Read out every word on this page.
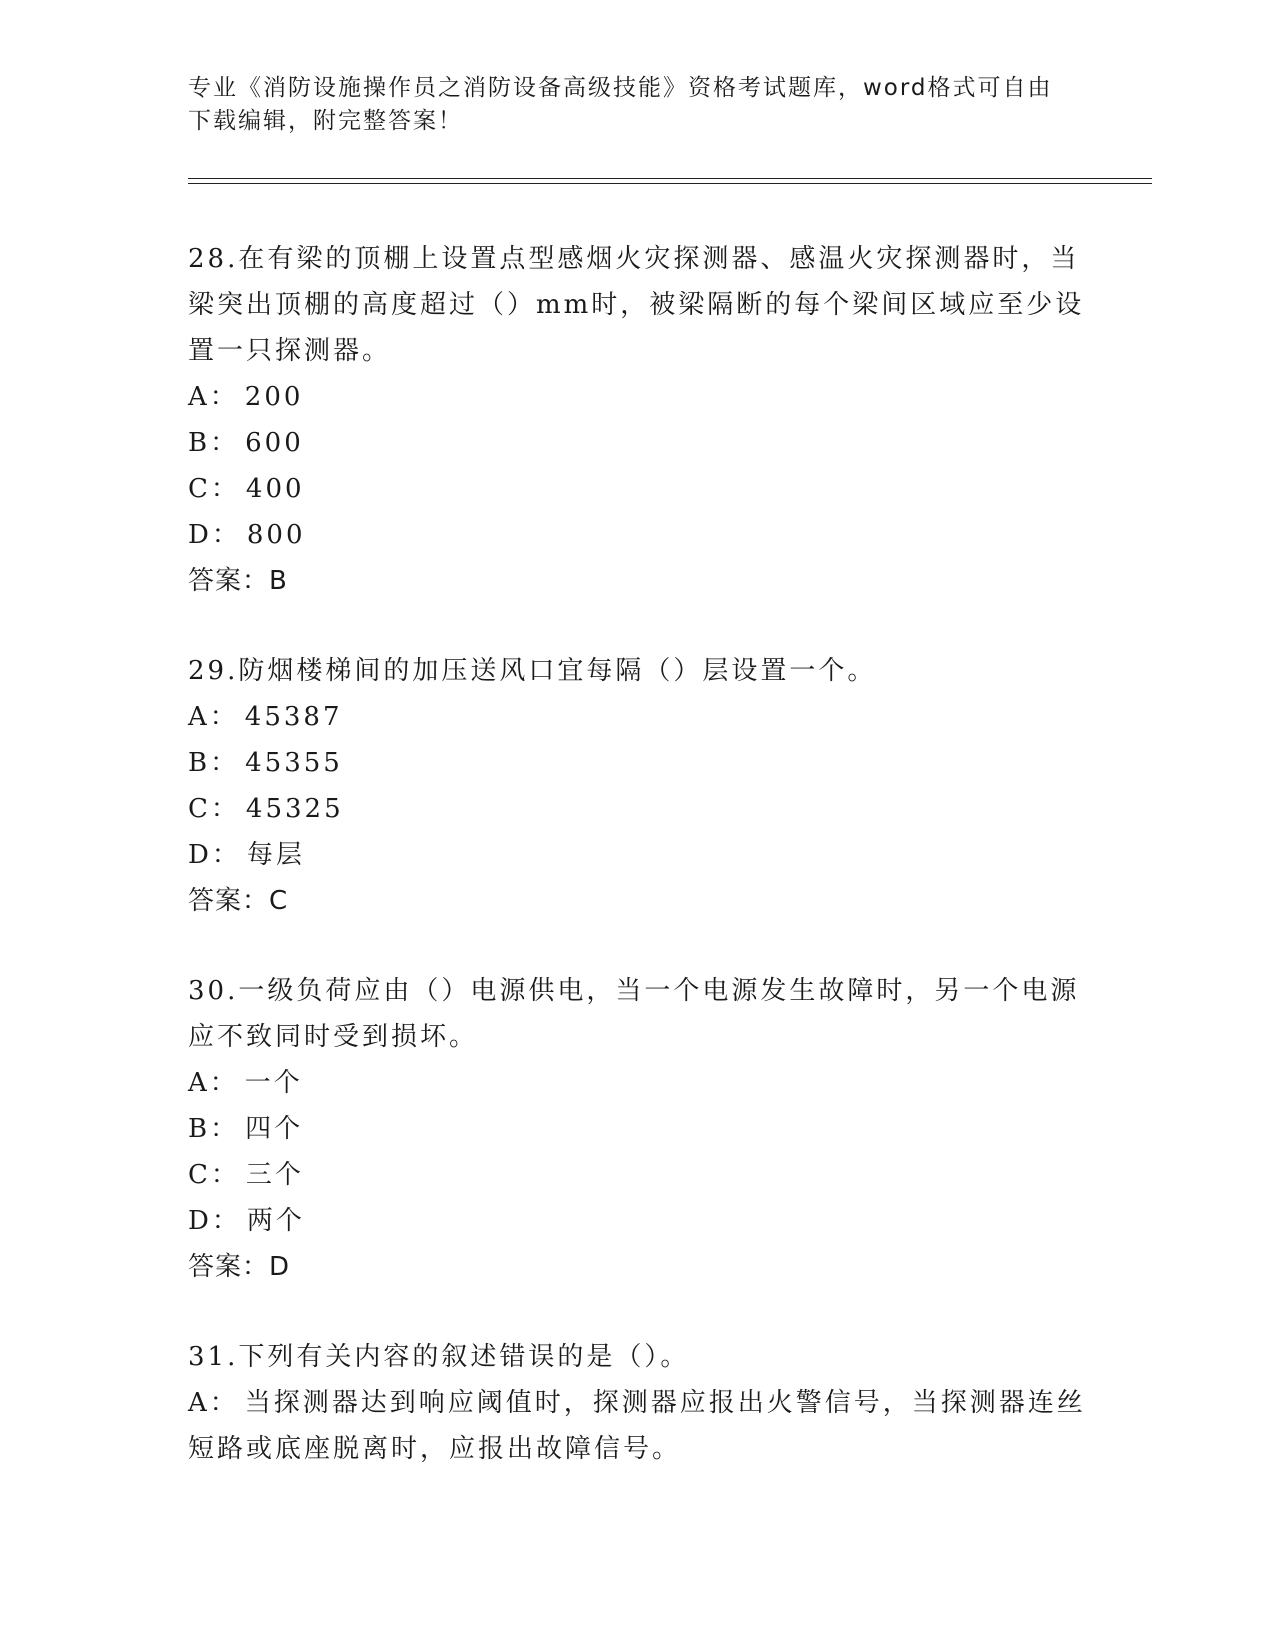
专业《消防设施操作员之消防设备高级技能》资格考试题库，word格式可自由下载编辑，附完整答案！
28.在有梁的顶棚上设置点型感烟火灾探测器、感温火灾探测器时，当梁突出顶棚的高度超过（）mm时，被梁隔断的每个梁间区域应至少设置一只探测器。
A： 200
B： 600
C： 400
D： 800
答案：B
29.防烟楼梯间的加压送风口宜每隔（）层设置一个。
A： 45387
B： 45355
C： 45325
D： 每层
答案：C
30.一级负荷应由（）电源供电，当一个电源发生故障时，另一个电源应不致同时受到损坏。
A： 一个
B： 四个
C： 三个
D： 两个
答案：D
31.下列有关内容的叙述错误的是（）。
A： 当探测器达到响应阈值时，探测器应报出火警信号，当探测器连丝短路或底座脱离时，应报出故障信号。
